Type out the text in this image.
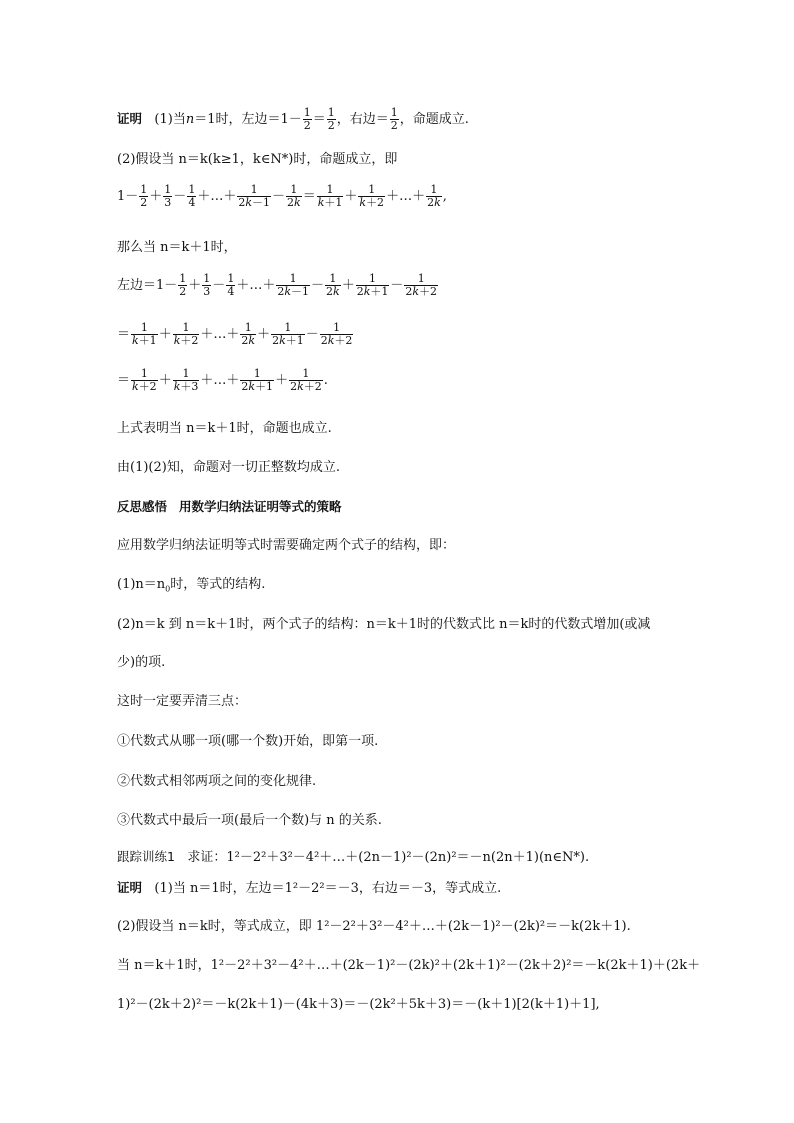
证明 (1)当n＝1时，左边$=1- \frac{1}{2} = \frac{1}{2}$ ，右边＝ $\frac{1}{2}$ ，命题成立.
(2)假设当 n＝k(k≥1，k∈N*)时，命题成立，即
$1- \frac{1}{2} + \frac{1}{3} - \frac{1}{4}$ ＋…＋ $\frac{1}{2k-1} - \frac{1}{2k} = \frac{1}{k+1} + \frac{1}{k+2}$ ＋…＋ $\frac{1}{2k}$ ,
那么当 n＝k＋1时，
左边$=1- \frac{1}{2} + \frac{1}{3} - \frac{1}{4}$ ＋…＋ $\frac{1}{2k-1} - \frac{1}{2k} + \frac{1}{2k+1} - \frac{1}{2k+2}$
＝ $\frac{1}{k+1} + \frac{1}{k+2}$ ＋…＋ $\frac{1}{2k} + \frac{1}{2k+1} - \frac{1}{2k+2}$
＝ $\frac{1}{k+2} + \frac{1}{k+3}$ ＋…＋ $\frac{1}{2k+1} + \frac{1}{2k+2}$ .
上式表明当 n＝k＋1时，命题也成立.
由(1)(2)知，命题对一切正整数均成立.
反思感悟 用数学归纳法证明等式的策略
应用数学归纳法证明等式时需要确定两个式子的结构，即：
$(1)n=n_0$时，等式的结构.
(2)n＝k 到 n＝k＋1时，两个式子的结构：n＝k＋1时的代数式比 n＝k时的代数式增加(或减
少)的项.
这时一定要弄清三点：
①代数式从哪一项(哪一个数)开始，即第一项.
②代数式相邻两项之间的变化规律.
③代数式中最后一项(最后一个数)与 n 的关系.
跟踪训练1 求证：1²－2²＋3²－4²＋…＋(2n－1)²－(2n)²＝－n(2n＋1)(n∈N*).
证明 (1)当 n＝1时，左边＝1²－2²＝－3，右边＝－3，等式成立.
(2)假设当 n＝k时，等式成立，即 1²－2²＋3²－4²＋…＋(2k－1)²－(2k)²＝－k(2k＋1).
当 n＝k＋1时，1²－2²＋3²－4²＋…＋(2k－1)²－(2k)²＋(2k＋1)²－(2k＋2)²＝－k(2k＋1)＋(2k＋
1)²－(2k＋2)²＝－k(2k＋1)－(4k＋3)＝－(2k²＋5k＋3)＝－(k＋1)[2(k＋1)＋1],
